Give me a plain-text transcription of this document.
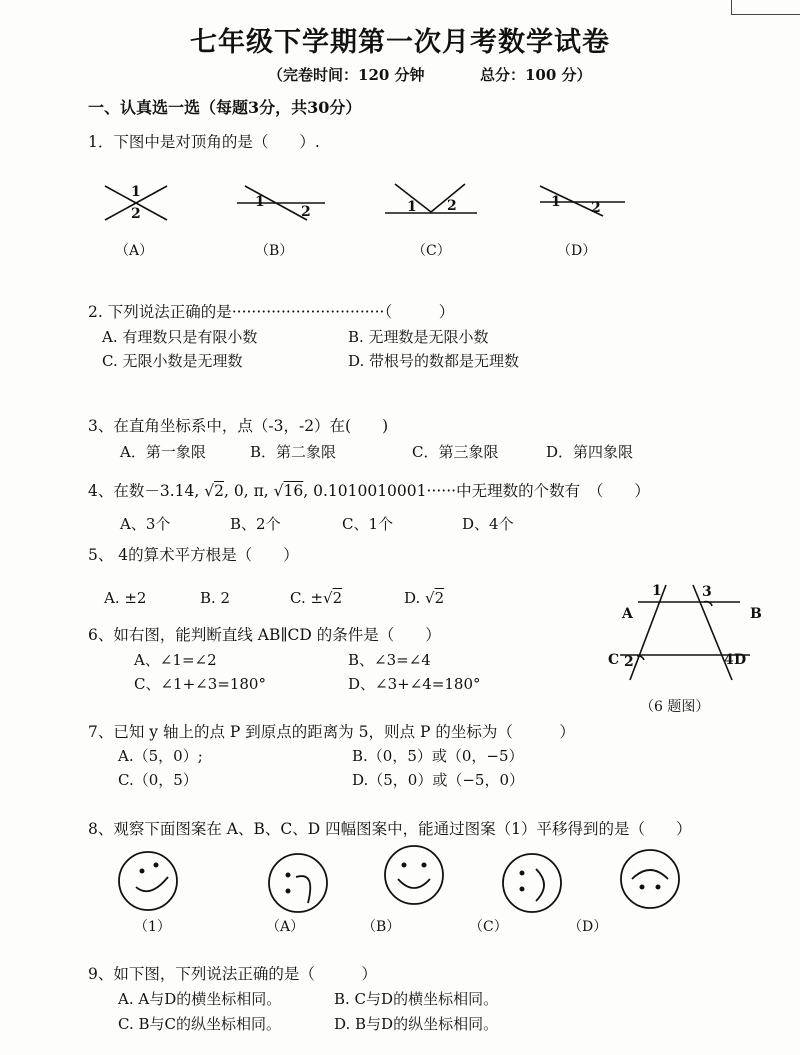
七年级下学期第一次月考数学试卷
（完卷时间：120 分钟	总分：100 分）
一、认真选一选（每题3分，共30分）
1．下图中是对顶角的是（　　）.
1
2
1
2	1 2	1 2
（A）	（B）	（C）	（D）
2. 下列说法正确的是·······························（　　　）
A. 有理数只是有限小数	B. 无理数是无限小数
C. 无限小数是无理数	D. 带根号的数都是无理数
3、在直角坐标系中，点（-3，-2）在(　　)
A．第一象限	B．第二象限	C．第三象限	D．第四象限
4、在数－3.14, √2, 0, π, √16, 0.1010010001······中无理数的个数有　（　　）
A、3个	B、2个	C、1个	D、4个
5、 4的算术平方根是（　　）
A. ±2	B. 2	C. ±√2	D. √2	1	3
A	B
C 2	4 D
（6 题图）
6、如右图，能判断直线 AB∥CD 的条件是（　　）
A、∠1=∠2	B、∠3=∠4
C、∠1+∠3=180°	D、∠3+∠4=180°
7、已知 y 轴上的点 P 到原点的距离为 5，则点 P 的坐标为（　　　）
A.（5，0）;	B.（0，5）或（0，−5）
C.（0，5）	D.（5，0）或（−5，0）
8、观察下面图案在 A、B、C、D 四幅图案中，能通过图案（1）平移得到的是（　　）
（1）	（A）	（B）	（C）	（D）
9、如下图，下列说法正确的是（　　　）
A. A与D的横坐标相同。	B. C与D的横坐标相同。
C. B与C的纵坐标相同。	D. B与D的纵坐标相同。
